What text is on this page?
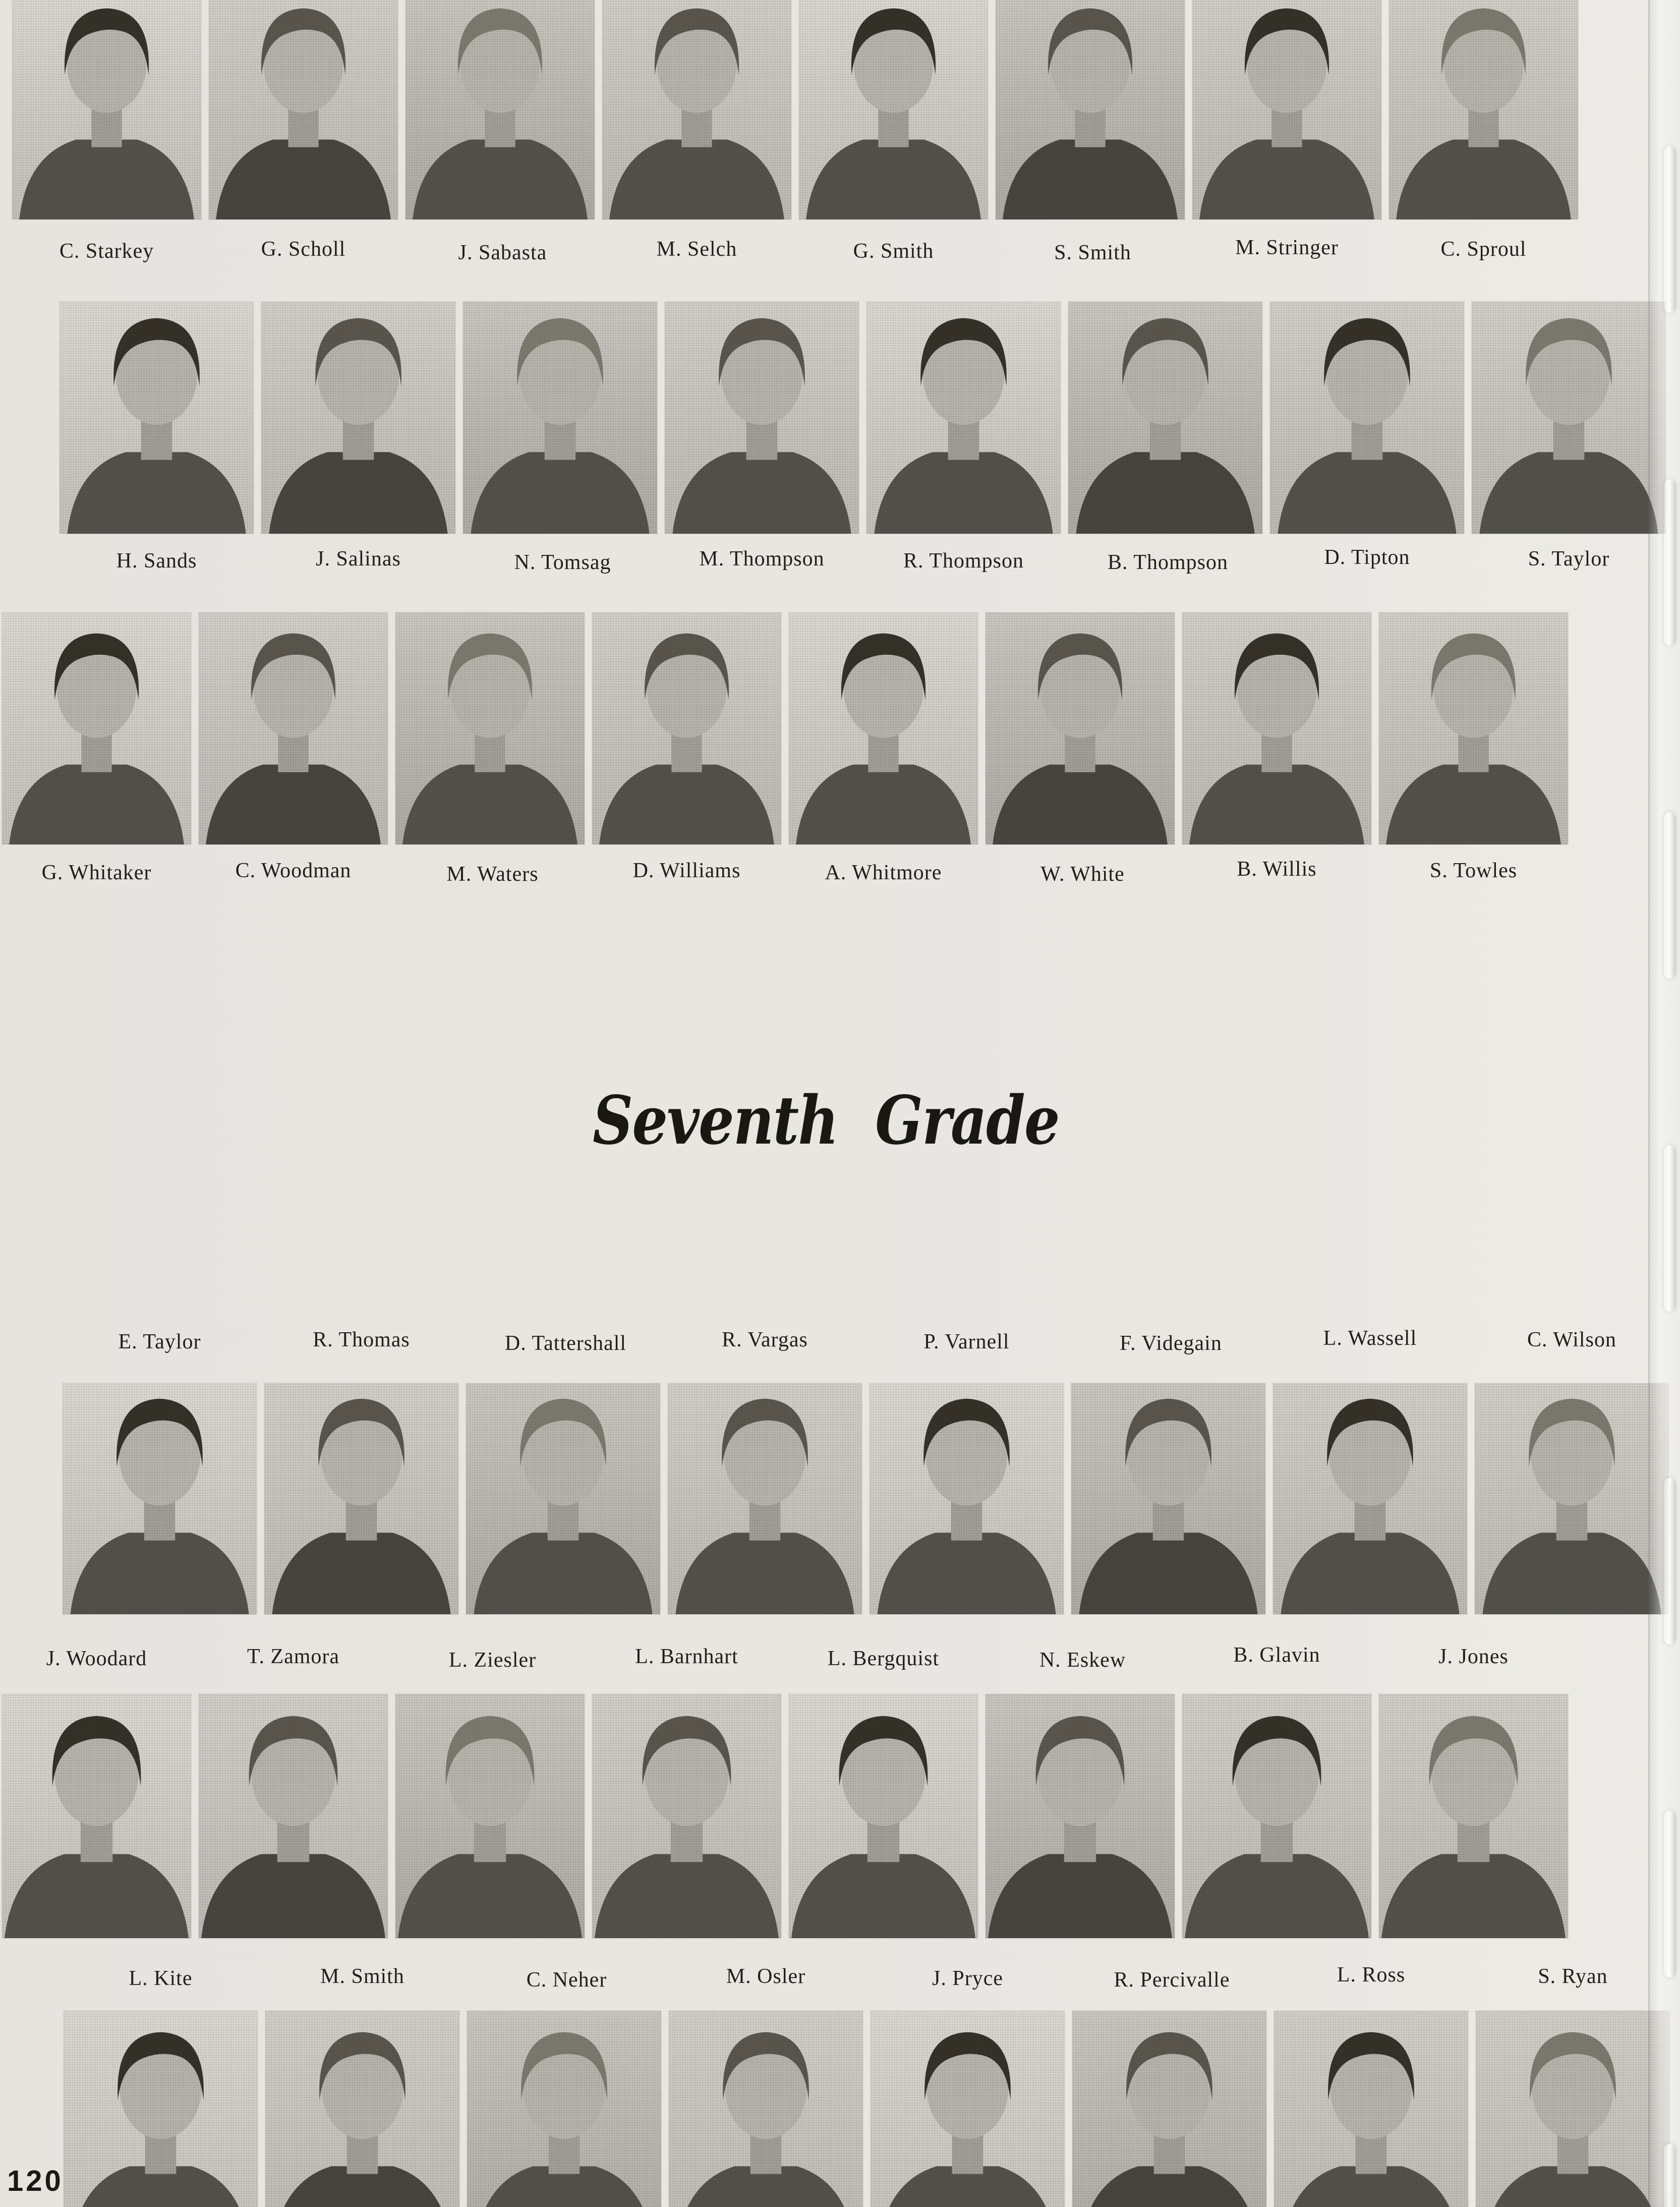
C. Starkey	G. Scholl	J. Sabasta	M. Selch	G. Smith	S. Smith	M. Stringer	C. Sproul
H. Sands	J. Salinas	N. Tomsag	M. Thompson	R. Thompson	B. Thompson	D. Tipton	S. Taylor
G. Whitaker	C. Woodman	M. Waters	D. Williams	A. Whitmore	W. White	B. Willis	S. Towles
Seventh Grade
E. Taylor	R. Thomas	D. Tattershall	R. Vargas	P. Varnell	F. Videgain	L. Wassell	C. Wilson
J. Woodard	T. Zamora	L. Ziesler	L. Barnhart	L. Bergquist	N. Eskew	B. Glavin	J. Jones
L. Kite	M. Smith	C. Neher	M. Osler	J. Pryce	R. Percivalle	L. Ross	S. Ryan
120
